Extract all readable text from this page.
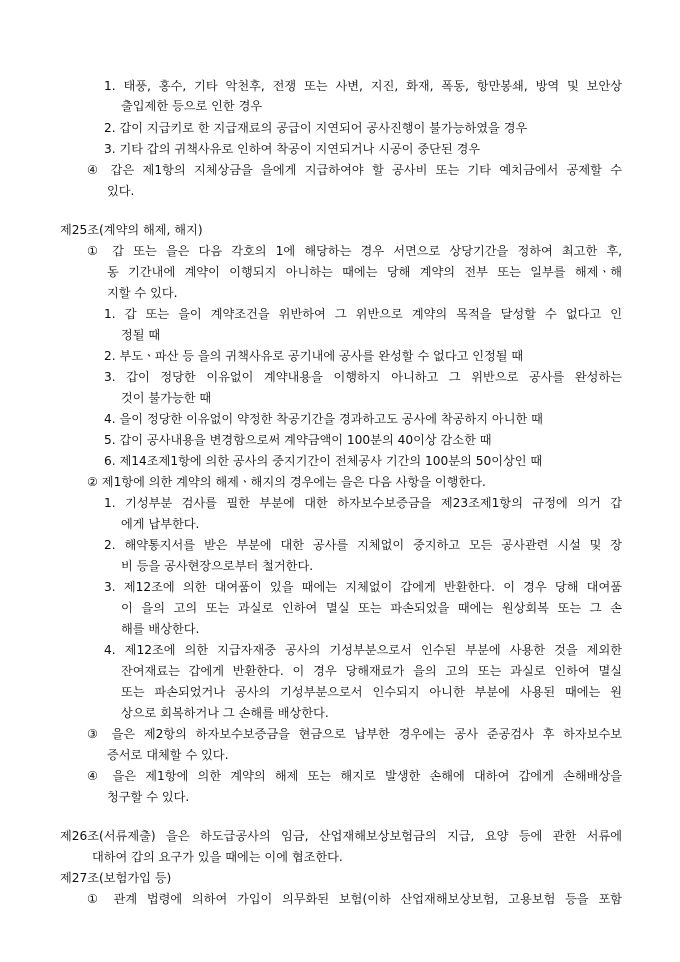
1. 태풍, 홍수, 기타 악천후, 전쟁 또는 사변, 지진, 화재, 폭동, 항만봉쇄, 방역 및 보안상
출입제한 등으로 인한 경우
2. 갑이 지급키로 한 지급재료의 공급이 지연되어 공사진행이 불가능하였을 경우
3. 기타 갑의 귀책사유로 인하여 착공이 지연되거나 시공이 중단된 경우
④ 갑은 제1항의 지체상금을 을에게 지급하여야 할 공사비 또는 기타 예치금에서 공제할 수
있다.
제25조(계약의 해제, 해지)
① 갑 또는 을은 다음 각호의 1에 해당하는 경우 서면으로 상당기간을 정하여 최고한 후,
동 기간내에 계약이 이행되지 아니하는 때에는 당해 계약의 전부 또는 일부를 해제ㆍ해
지할 수 있다.
1. 갑 또는 을이 계약조건을 위반하여 그 위반으로 계약의 목적을 달성할 수 없다고 인
정될 때
2. 부도ㆍ파산 등 을의 귀책사유로 공기내에 공사를 완성할 수 없다고 인정될 때
3. 갑이 정당한 이유없이 계약내용을 이행하지 아니하고 그 위반으로 공사를 완성하는
것이 불가능한 때
4. 을이 정당한 이유없이 약정한 착공기간을 경과하고도 공사에 착공하지 아니한 때
5. 갑이 공사내용을 변경함으로써 계약금액이 100분의 40이상 감소한 때
6. 제14조제1항에 의한 공사의 중지기간이 전체공사 기간의 100분의 50이상인 때
② 제1항에 의한 계약의 해제ㆍ해지의 경우에는 을은 다음 사항을 이행한다.
1. 기성부분 검사를 필한 부분에 대한 하자보수보증금을 제23조제1항의 규정에 의거 갑
에게 납부한다.
2. 해약통지서를 받은 부분에 대한 공사를 지체없이 중지하고 모든 공사관련 시설 및 장
비 등을 공사현장으로부터 철거한다.
3. 제12조에 의한 대여품이 있을 때에는 지체없이 갑에게 반환한다. 이 경우 당해 대여품
이 을의 고의 또는 과실로 인하여 멸실 또는 파손되었을 때에는 원상회복 또는 그 손
해를 배상한다.
4. 제12조에 의한 지급자재중 공사의 기성부분으로서 인수된 부분에 사용한 것을 제외한
잔여재료는 갑에게 반환한다. 이 경우 당해재료가 을의 고의 또는 과실로 인하여 멸실
또는 파손되었거나 공사의 기성부분으로서 인수되지 아니한 부분에 사용된 때에는 원
상으로 회복하거나 그 손해를 배상한다.
③ 을은 제2항의 하자보수보증금을 현금으로 납부한 경우에는 공사 준공검사 후 하자보수보
증서로 대체할 수 있다.
④ 을은 제1항에 의한 계약의 해제 또는 해지로 발생한 손해에 대하여 갑에게 손해배상을
청구할 수 있다.
제26조(서류제출) 을은 하도급공사의 임금, 산업재해보상보험금의 지급, 요양 등에 관한 서류에
대하여 갑의 요구가 있을 때에는 이에 협조한다.
제27조(보험가입 등)
① 관계 법령에 의하여 가입이 의무화된 보험(이하 산업재해보상보험, 고용보험 등을 포함
